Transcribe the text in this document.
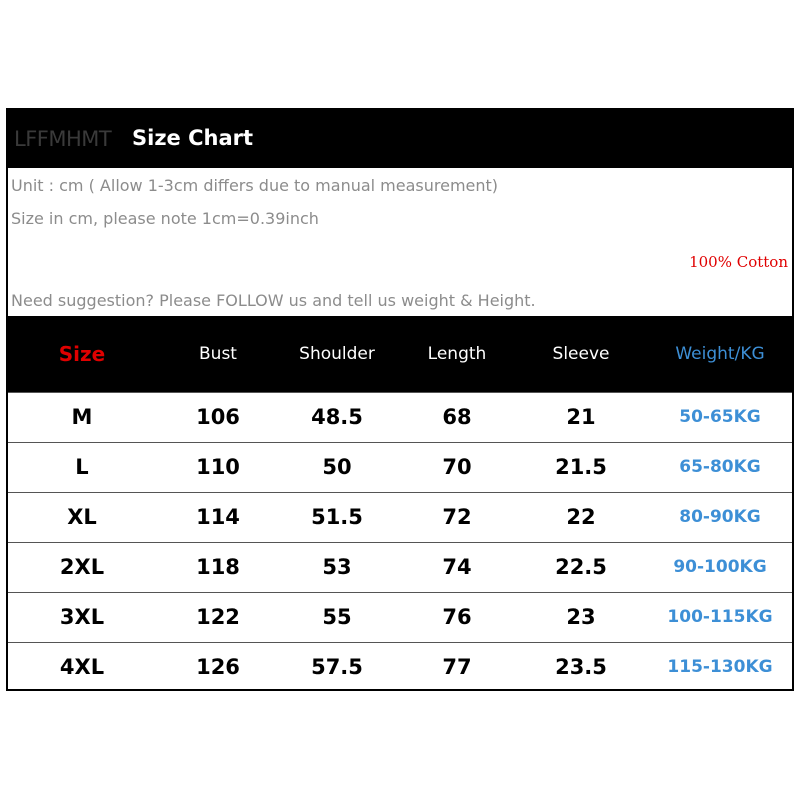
LFFMHMT Size Chart
Unit : cm ( Allow 1-3cm differs due to manual measurement)
Size in cm, please note 1cm=0.39inch
100% Cotton
Need suggestion? Please FOLLOW us and tell us weight & Height.
Size	Bust	Shoulder	Length	Sleeve	Weight/KG
M	106	48.5	68	21	50-65KG
L	110	50	70	21.5	65-80KG
XL	114	51.5	72	22	80-90KG
2XL	118	53	74	22.5	90-100KG
3XL	122	55	76	23	100-115KG
4XL	126	57.5	77	23.5	115-130KG
